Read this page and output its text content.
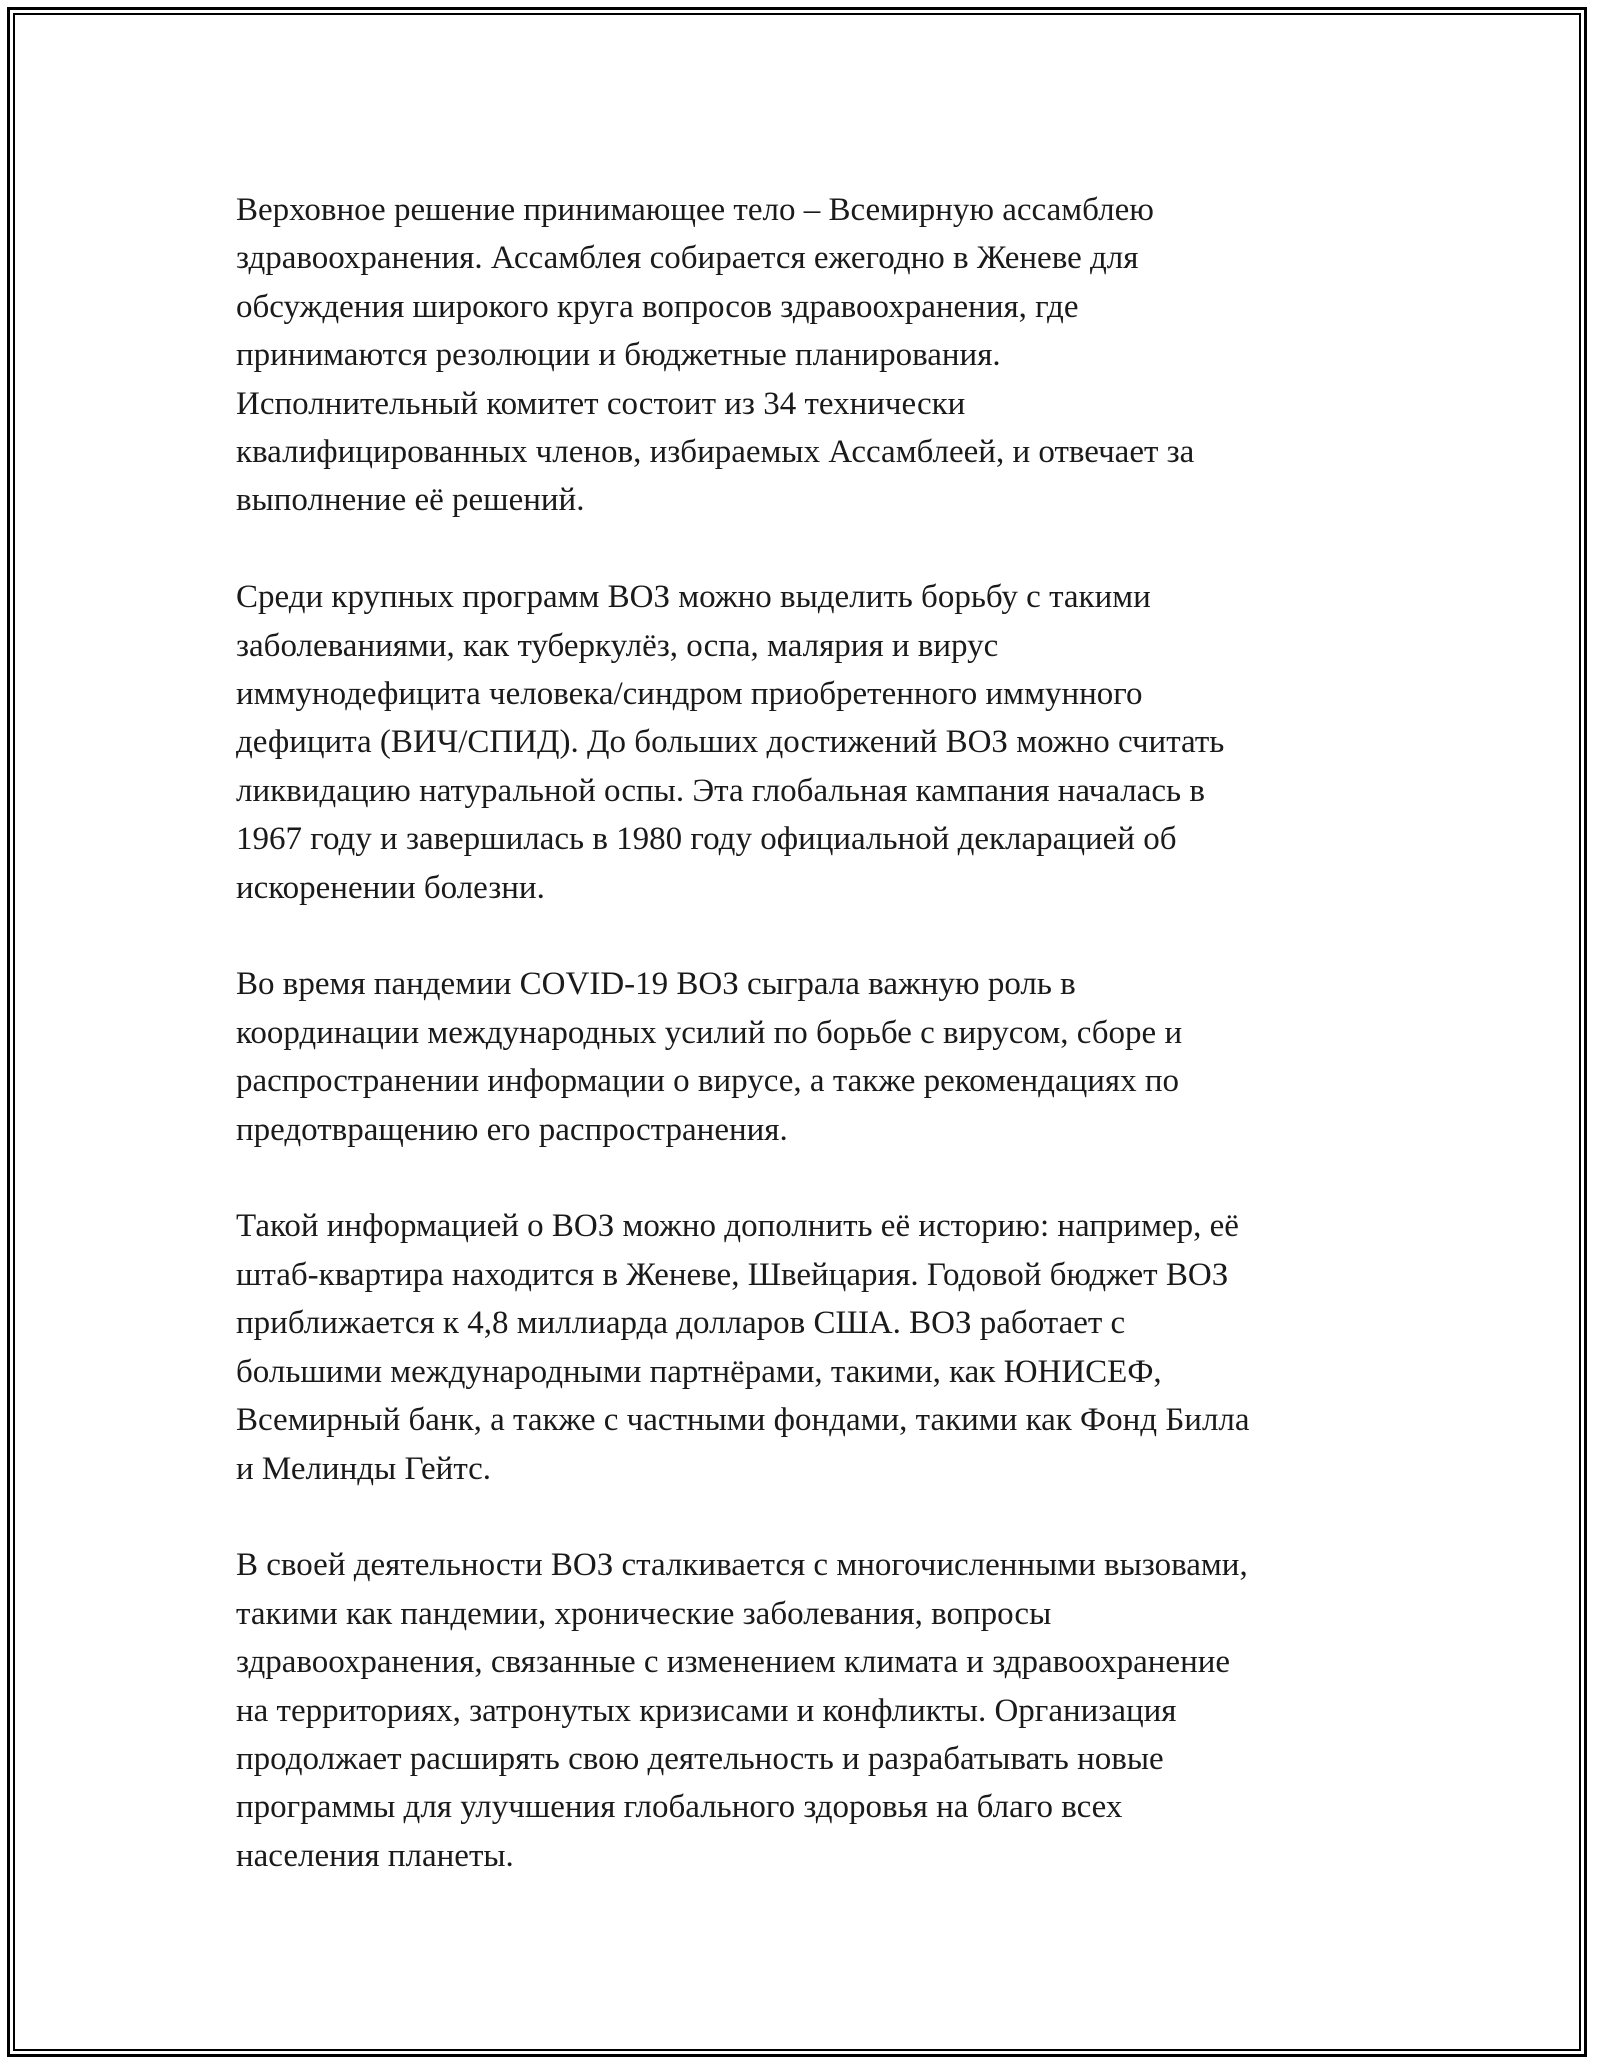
Верховное решение принимающее тело – Всемирную ассамблею
здравоохранения. Ассамблея собирается ежегодно в Женеве для
обсуждения широкого круга вопросов здравоохранения, где
принимаются резолюции и бюджетные планирования.
Исполнительный комитет состоит из 34 технически
квалифицированных членов, избираемых Ассамблеей, и отвечает за
выполнение её решений.

Среди крупных программ ВОЗ можно выделить борьбу с такими
заболеваниями, как туберкулёз, оспа, малярия и вирус
иммунодефицита человека/синдром приобретенного иммунного
дефицита (ВИЧ/СПИД). До больших достижений ВОЗ можно считать
ликвидацию натуральной оспы. Эта глобальная кампания началась в
1967 году и завершилась в 1980 году официальной декларацией об
искоренении болезни.

Во время пандемии COVID-19 ВОЗ сыграла важную роль в
координации международных усилий по борьбе с вирусом, сборе и
распространении информации о вирусе, а также рекомендациях по
предотвращению его распространения.

Такой информацией о ВОЗ можно дополнить её историю: например, её
штаб-квартира находится в Женеве, Швейцария. Годовой бюджет ВОЗ
приближается к 4,8 миллиарда долларов США. ВОЗ работает с
большими международными партнёрами, такими, как ЮНИСЕФ,
Всемирный банк, а также с частными фондами, такими как Фонд Билла
и Мелинды Гейтс.

В своей деятельности ВОЗ сталкивается с многочисленными вызовами,
такими как пандемии, хронические заболевания, вопросы
здравоохранения, связанные с изменением климата и здравоохранение
на территориях, затронутых кризисами и конфликты. Организация
продолжает расширять свою деятельность и разрабатывать новые
программы для улучшения глобального здоровья на благо всех
населения планеты.
